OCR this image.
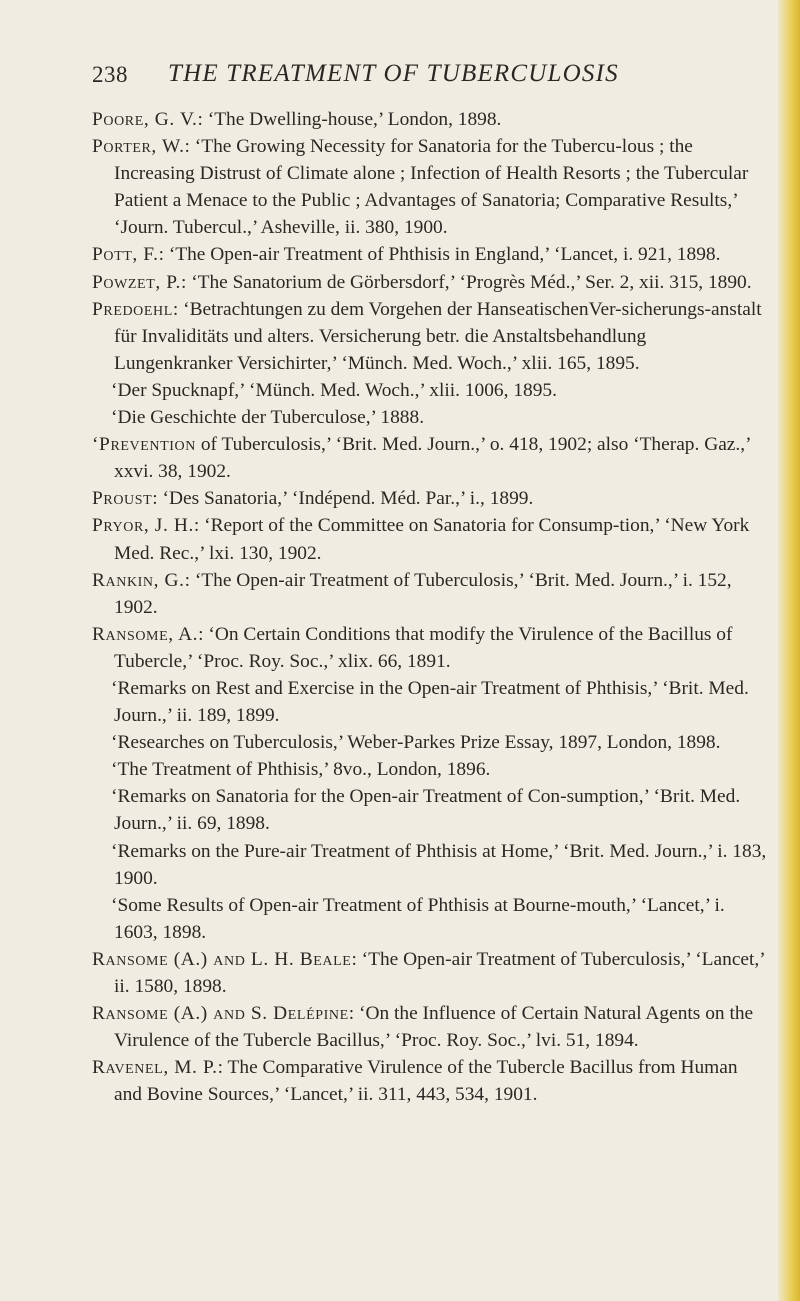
238 THE TREATMENT OF TUBERCULOSIS

Poore, G. V.: ‘The Dwelling-house,’ London, 1898.

Porter, W.: ‘The Growing Necessity for Sanatoria for the Tubercu-lous ; the Increasing Distrust of Climate alone ; Infection of Health Resorts ; the Tubercular Patient a Menace to the Public ; Advantages of Sanatoria; Comparative Results,’ ‘Journ. Tubercul.,’ Asheville, ii. 380, 1900.

Pott, F.: ‘The Open-air Treatment of Phthisis in England,’ ‘Lancet, i. 921, 1898.

Powzet, P.: ‘The Sanatorium de Görbersdorf,’ ‘Progrès Méd.,’ Ser. 2, xii. 315, 1890.

Predoehl: ‘Betrachtungen zu dem Vorgehen der HanseatischenVer-sicherungs-anstalt für Invaliditäts und alters. Versicherung betr. die Anstaltsbehandlung Lungenkranker Versichirter,’ ‘Münch. Med. Woch.,’ xlii. 165, 1895.

‘Der Spucknapf,’ ‘Münch. Med. Woch.,’ xlii. 1006, 1895.

‘Die Geschichte der Tuberculose,’ 1888.

‘Prevention of Tuberculosis,’ ‘Brit. Med. Journ.,’ o. 418, 1902; also ‘Therap. Gaz.,’ xxvi. 38, 1902.

Proust: ‘Des Sanatoria,’ ‘Indépend. Méd. Par.,’ i., 1899.

Pryor, J. H.: ‘Report of the Committee on Sanatoria for Consump-tion,’ ‘New York Med. Rec.,’ lxi. 130, 1902.

Rankin, G.: ‘The Open-air Treatment of Tuberculosis,’ ‘Brit. Med. Journ.,’ i. 152, 1902.

Ransome, A.: ‘On Certain Conditions that modify the Virulence of the Bacillus of Tubercle,’ ‘Proc. Roy. Soc.,’ xlix. 66, 1891.

‘Remarks on Rest and Exercise in the Open-air Treatment of Phthisis,’ ‘Brit. Med. Journ.,’ ii. 189, 1899.

‘Researches on Tuberculosis,’ Weber-Parkes Prize Essay, 1897, London, 1898.

‘The Treatment of Phthisis,’ 8vo., London, 1896.

‘Remarks on Sanatoria for the Open-air Treatment of Con-sumption,’ ‘Brit. Med. Journ.,’ ii. 69, 1898.

‘Remarks on the Pure-air Treatment of Phthisis at Home,’ ‘Brit. Med. Journ.,’ i. 183, 1900.

‘Some Results of Open-air Treatment of Phthisis at Bourne-mouth,’ ‘Lancet,’ i. 1603, 1898.

Ransome (A.) and L. H. Beale: ‘The Open-air Treatment of Tuberculosis,’ ‘Lancet,’ ii. 1580, 1898.

Ransome (A.) and S. Delépine: ‘On the Influence of Certain Natural Agents on the Virulence of the Tubercle Bacillus,’ ‘Proc. Roy. Soc.,’ lvi. 51, 1894.

Ravenel, M. P.: The Comparative Virulence of the Tubercle Bacillus from Human and Bovine Sources,’ ‘Lancet,’ ii. 311, 443, 534, 1901.
